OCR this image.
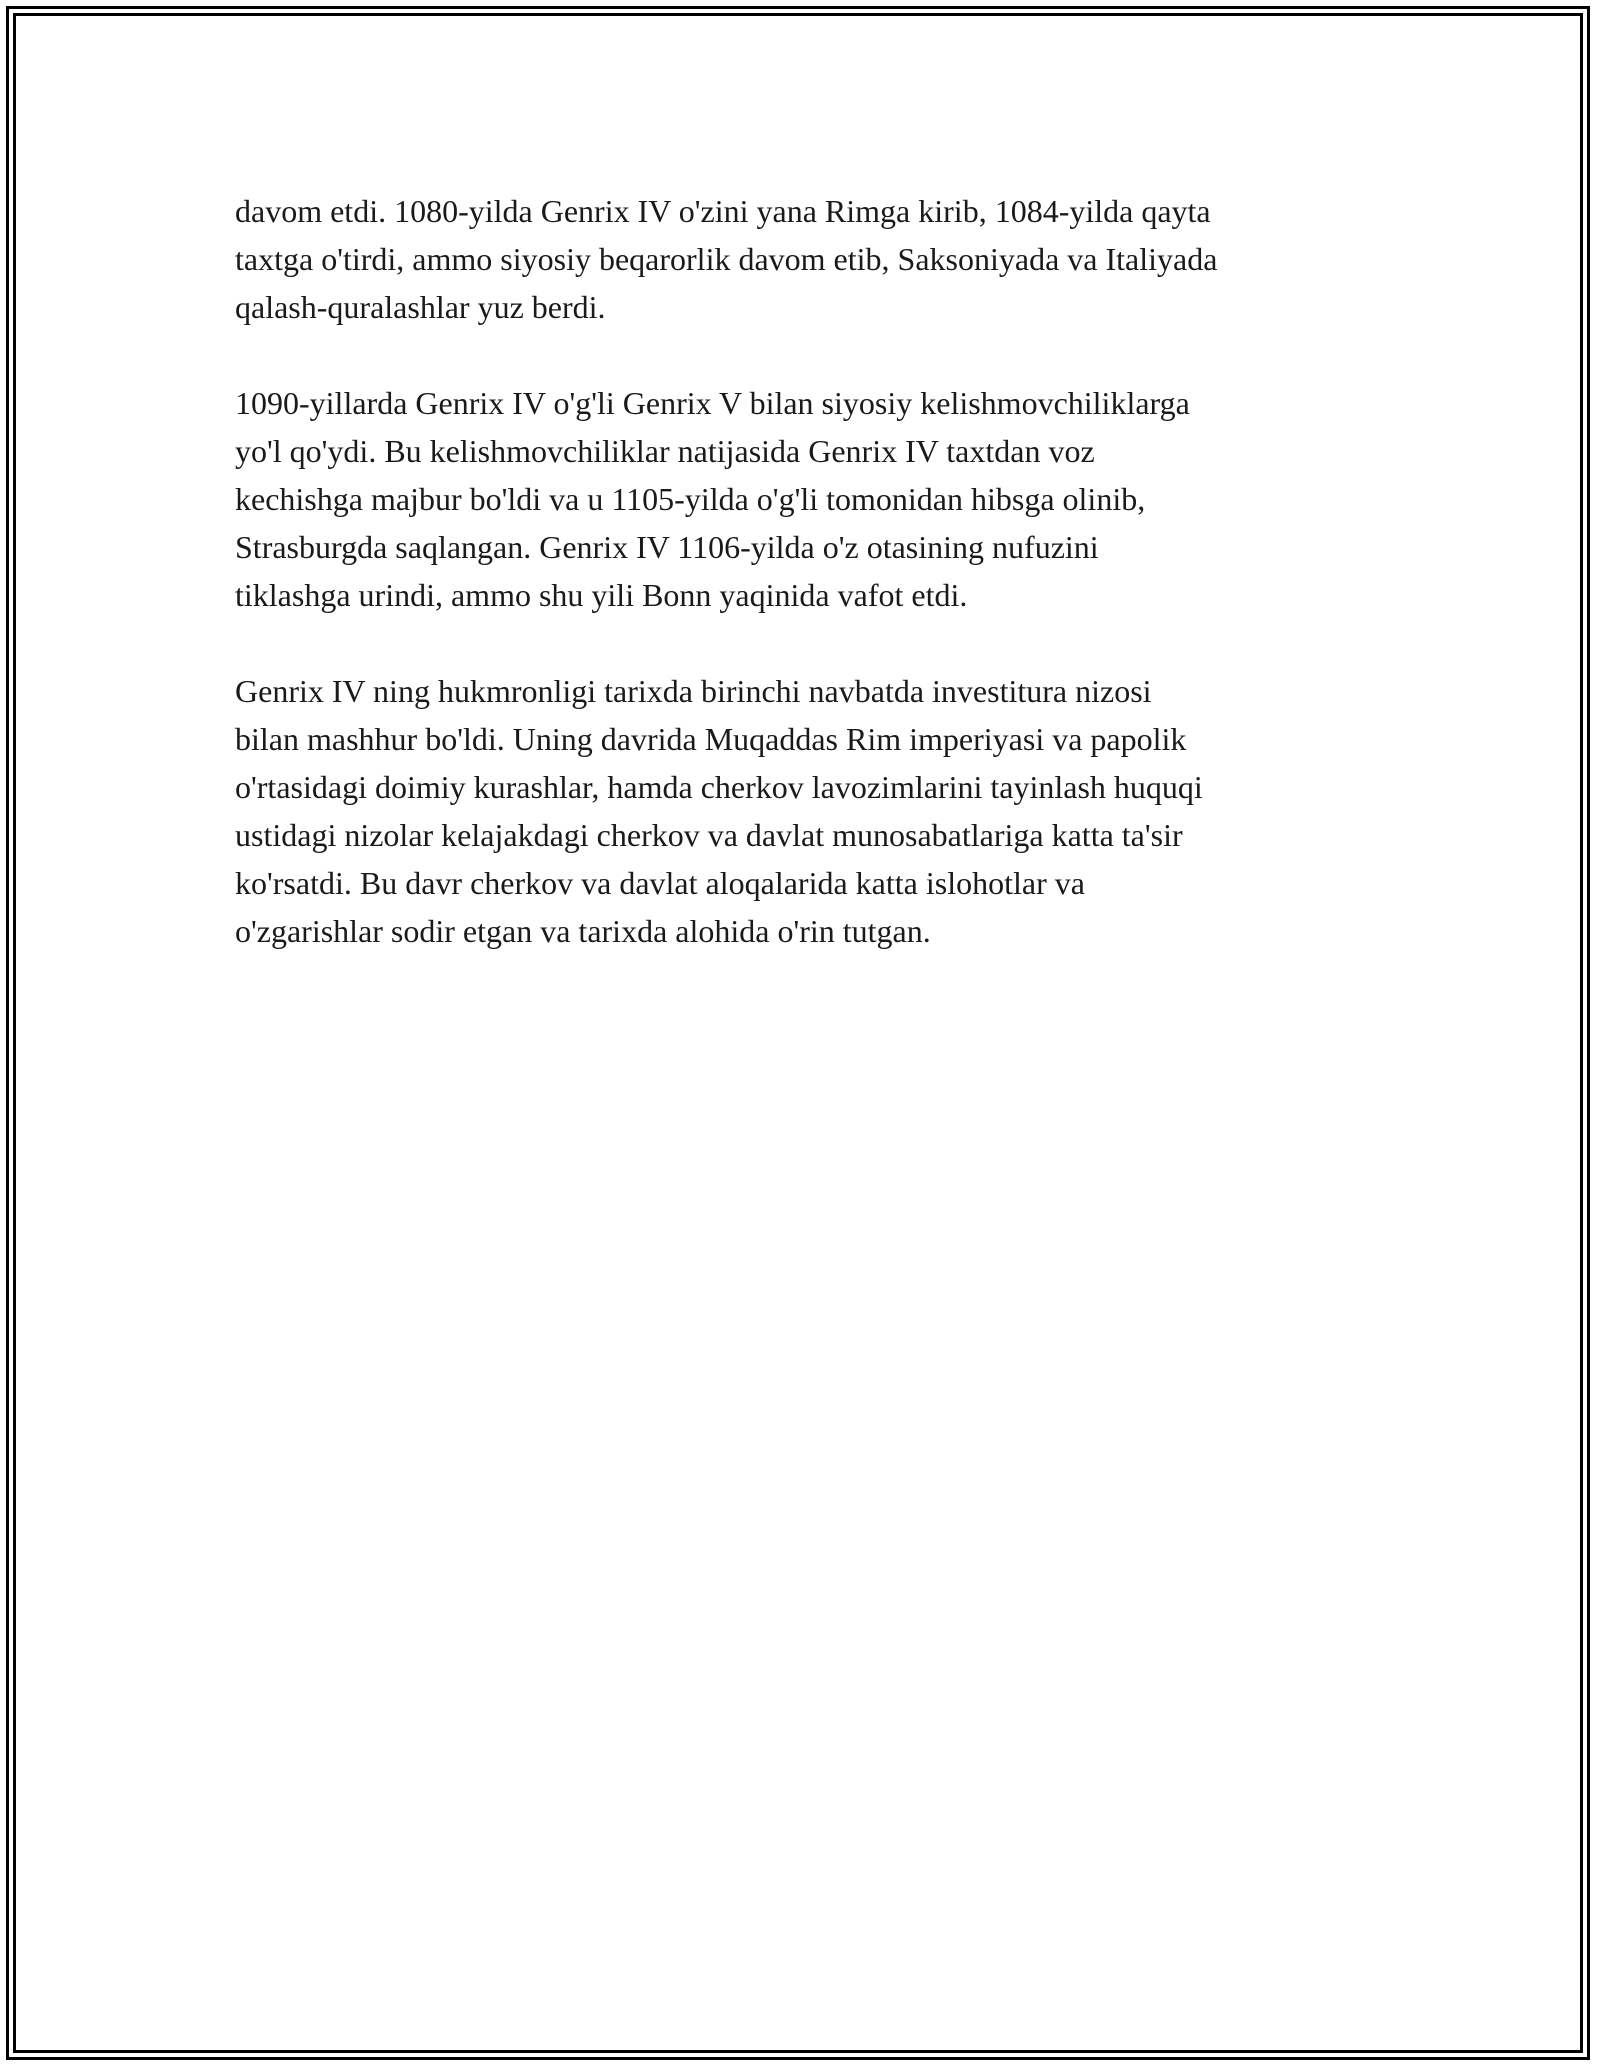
davom etdi. 1080-yilda Genrix IV o'zini yana Rimga kirib, 1084-yilda qayta
taxtga o'tirdi, ammo siyosiy beqarorlik davom etib, Saksoniyada va Italiyada
qalash-quralashlar yuz berdi.

1090-yillarda Genrix IV o'g'li Genrix V bilan siyosiy kelishmovchiliklarga
yo'l qo'ydi. Bu kelishmovchiliklar natijasida Genrix IV taxtdan voz
kechishga majbur bo'ldi va u 1105-yilda o'g'li tomonidan hibsga olinib,
Strasburgda saqlangan. Genrix IV 1106-yilda o'z otasining nufuzini
tiklashga urindi, ammo shu yili Bonn yaqinida vafot etdi.

Genrix IV ning hukmronligi tarixda birinchi navbatda investitura nizosi
bilan mashhur bo'ldi. Uning davrida Muqaddas Rim imperiyasi va papolik
o'rtasidagi doimiy kurashlar, hamda cherkov lavozimlarini tayinlash huquqi
ustidagi nizolar kelajakdagi cherkov va davlat munosabatlariga katta ta'sir
ko'rsatdi. Bu davr cherkov va davlat aloqalarida katta islohotlar va
o'zgarishlar sodir etgan va tarixda alohida o'rin tutgan.
